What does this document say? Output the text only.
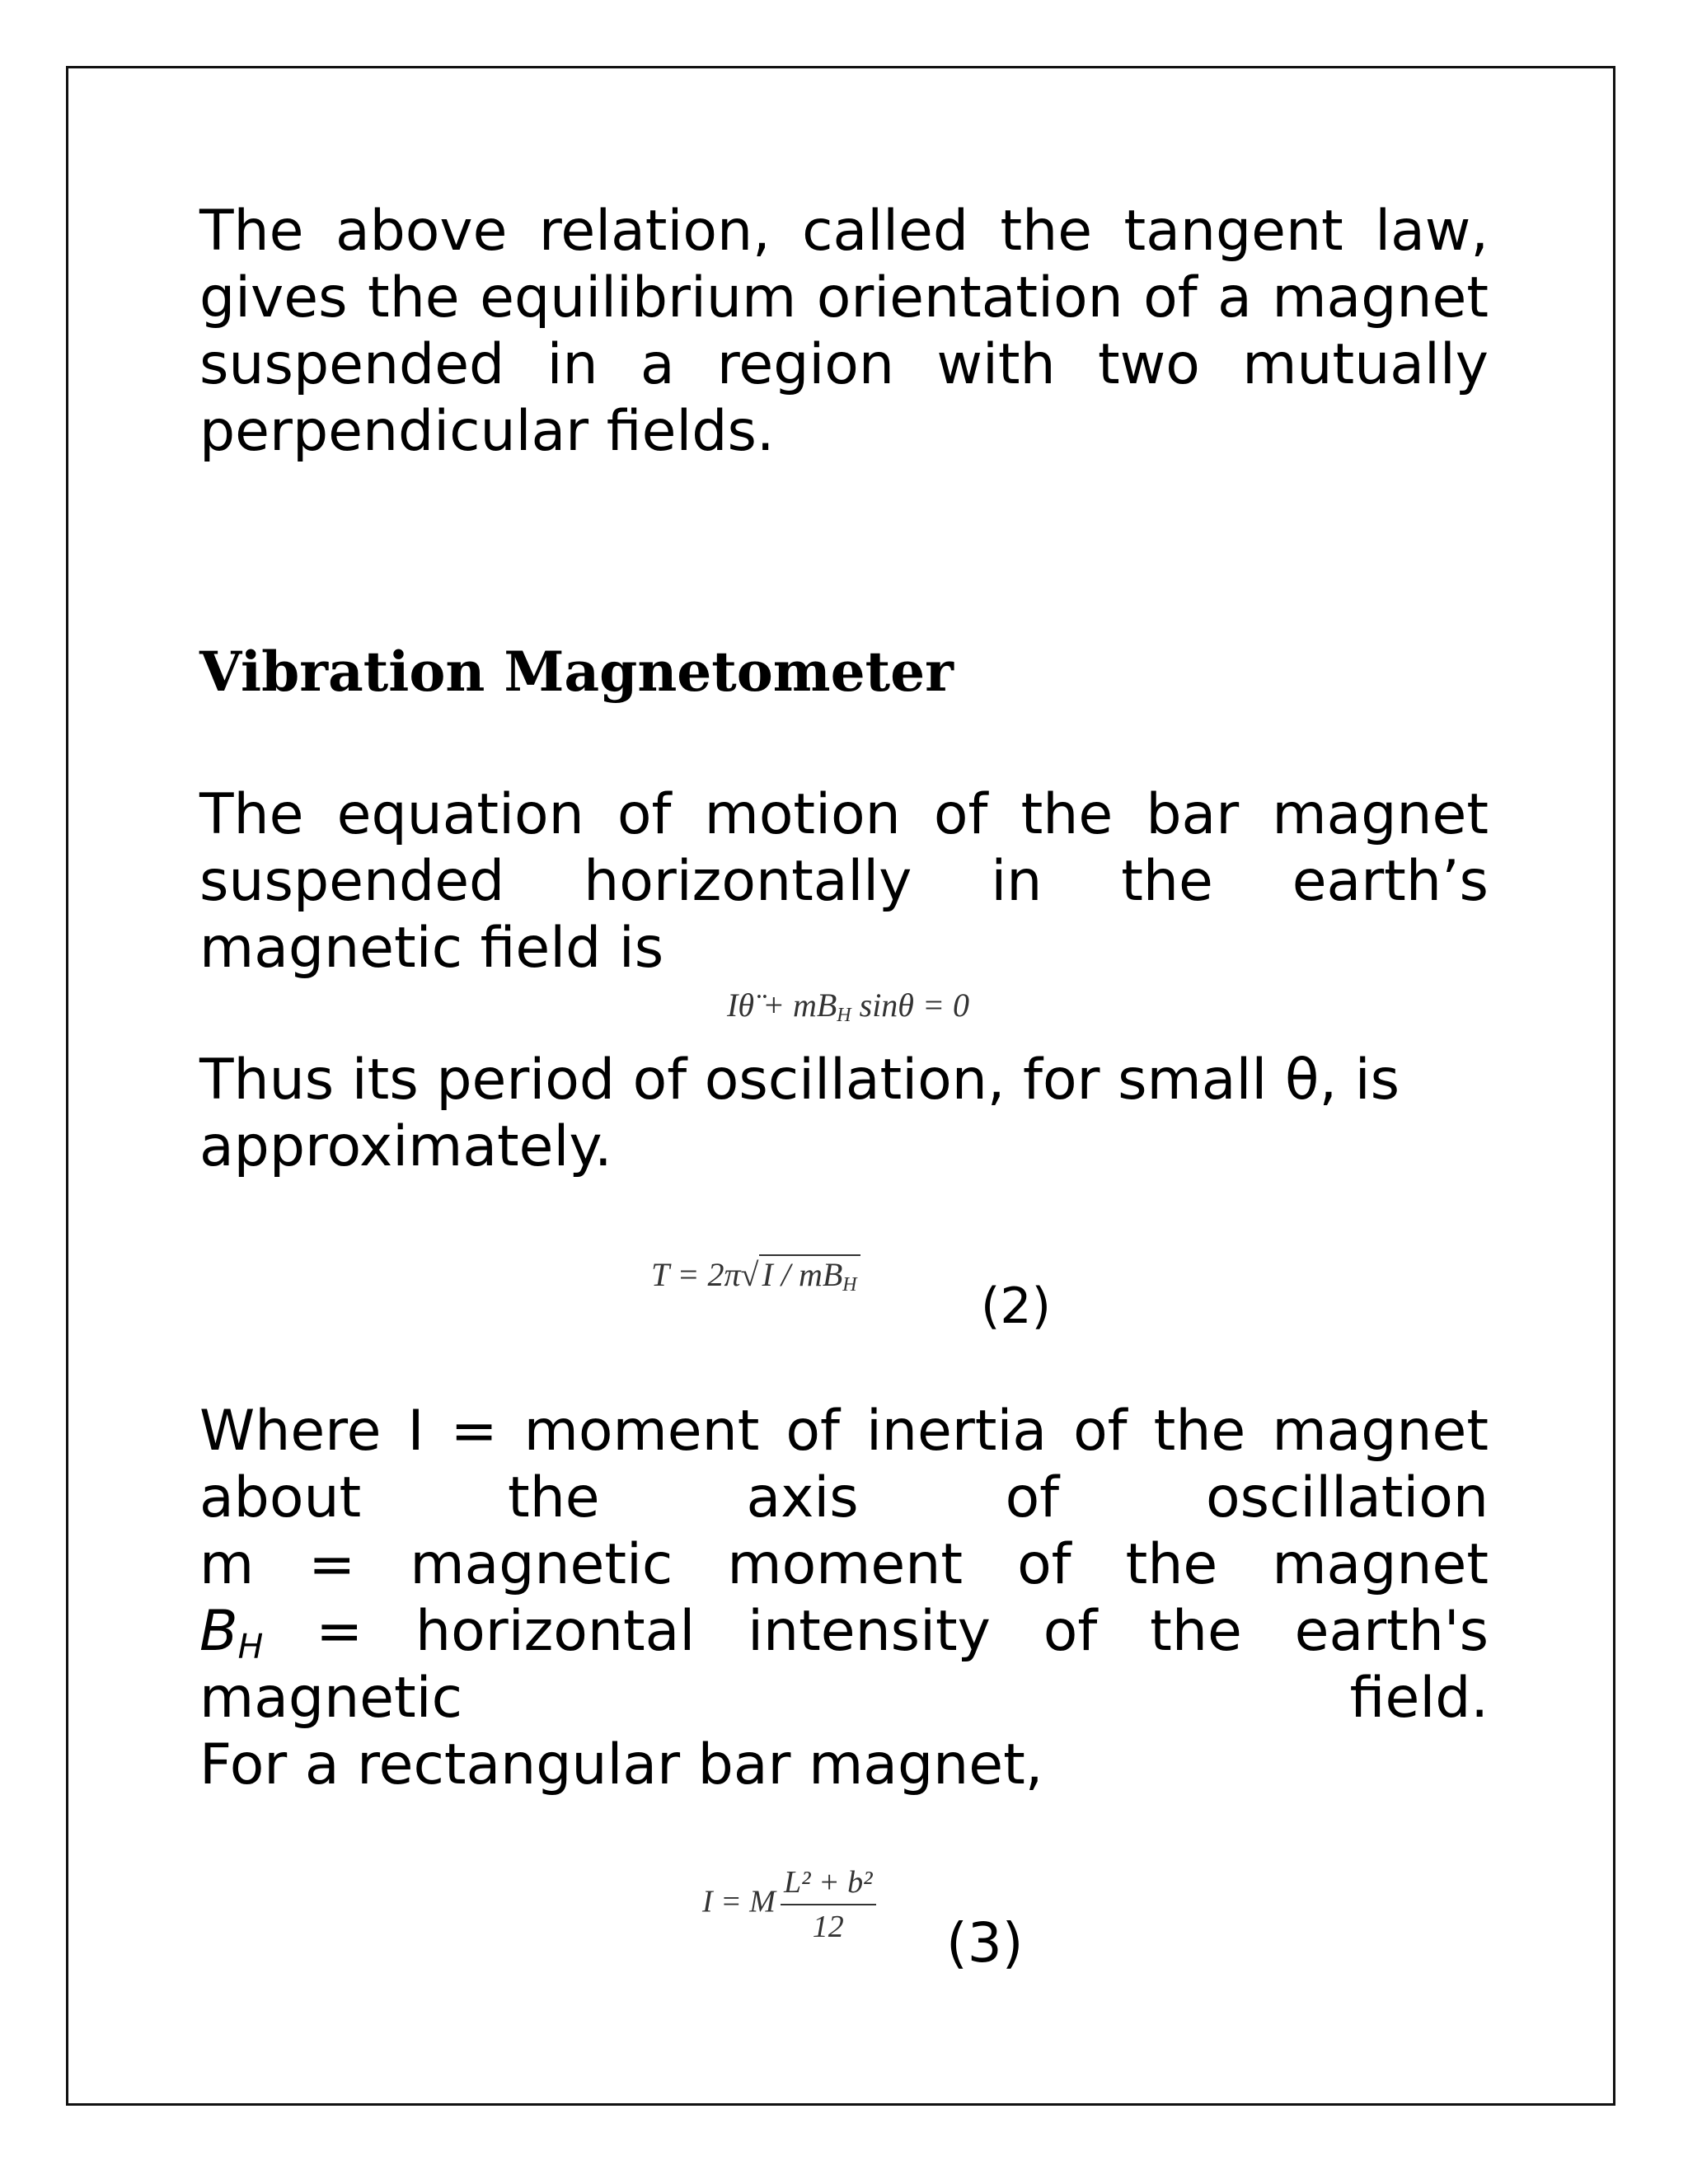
The above relation, called the tangent law,
gives the equilibrium orientation of a magnet
suspended in a region with two mutually
perpendicular fields.
Vibration Magnetometer
The equation of motion of the bar magnet
suspended horizontally in the earth’s
magnetic field is
Iθ̈ + $mB_H$ sinθ = 0
Thus its period of oscillation, for small θ, is
approximately.
T = 2π√ I / $mB_H$	(2)
Where I = moment of inertia of the magnet
about the axis of oscillation
m = magnetic moment of the magnet
$B_H$ = horizontal intensity of the earth's
magnetic field.
For a rectangular bar magnet,
I = M $\frac{\text{L² + b²}}{12} (3)$
